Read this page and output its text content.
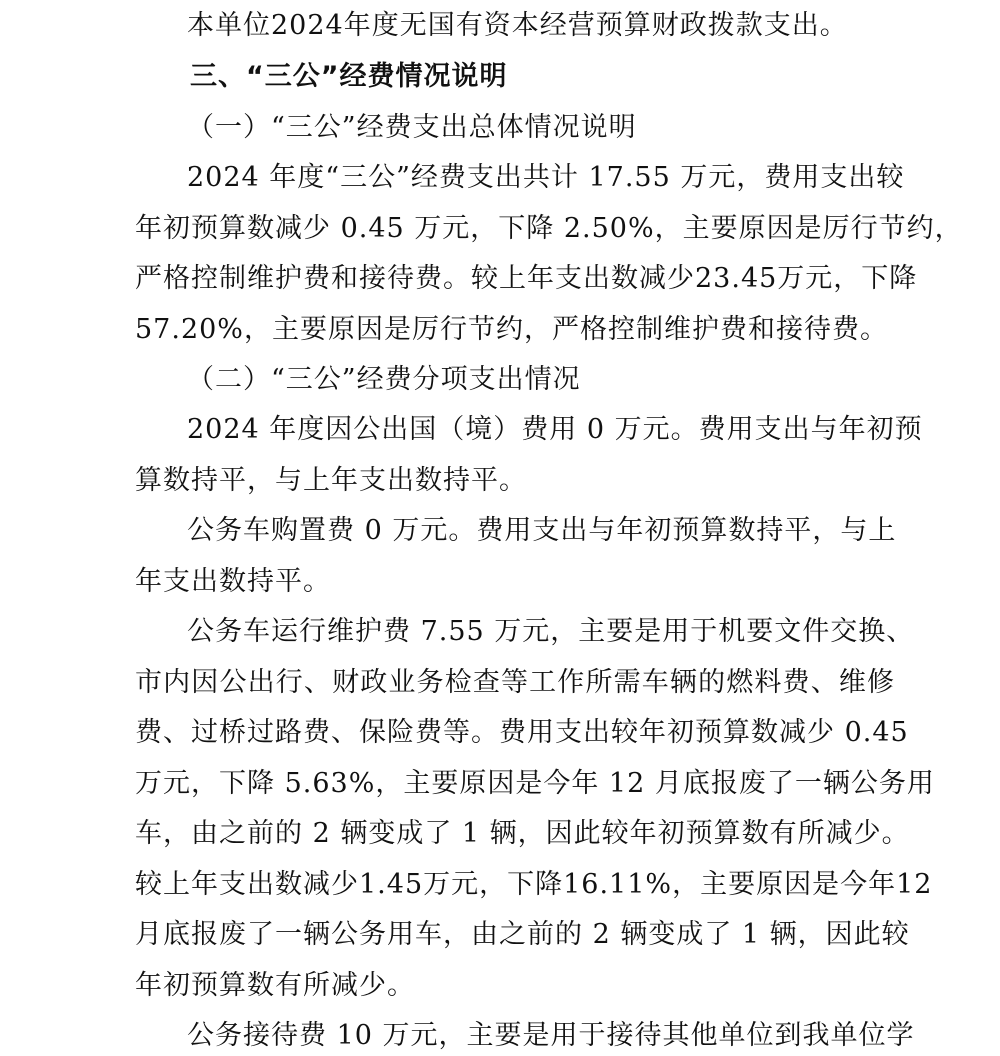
本单位2024年度无国有资本经营预算财政拨款支出。
三、“三公”经费情况说明
（一）“三公”经费支出总体情况说明
2024 年度“三公”经费支出共计 17.55 万元，费用支出较
年初预算数减少 0.45 万元，下降 2.50%，主要原因是厉行节约，
严格控制维护费和接待费。较上年支出数减少23.45万元，下降
57.20%，主要原因是厉行节约，严格控制维护费和接待费。
（二）“三公”经费分项支出情况
2024 年度因公出国（境）费用 0 万元。费用支出与年初预
算数持平，与上年支出数持平。
公务车购置费 0 万元。费用支出与年初预算数持平，与上
年支出数持平。
公务车运行维护费 7.55 万元，主要是用于机要文件交换、
市内因公出行、财政业务检查等工作所需车辆的燃料费、维修
费、过桥过路费、保险费等。费用支出较年初预算数减少 0.45
万元，下降 5.63%，主要原因是今年 12 月底报废了一辆公务用
车，由之前的 2 辆变成了 1 辆，因此较年初预算数有所减少。
较上年支出数减少1.45万元，下降16.11%，主要原因是今年12
月底报废了一辆公务用车，由之前的 2 辆变成了 1 辆，因此较
年初预算数有所减少。
公务接待费 10 万元，主要是用于接待其他单位到我单位学
